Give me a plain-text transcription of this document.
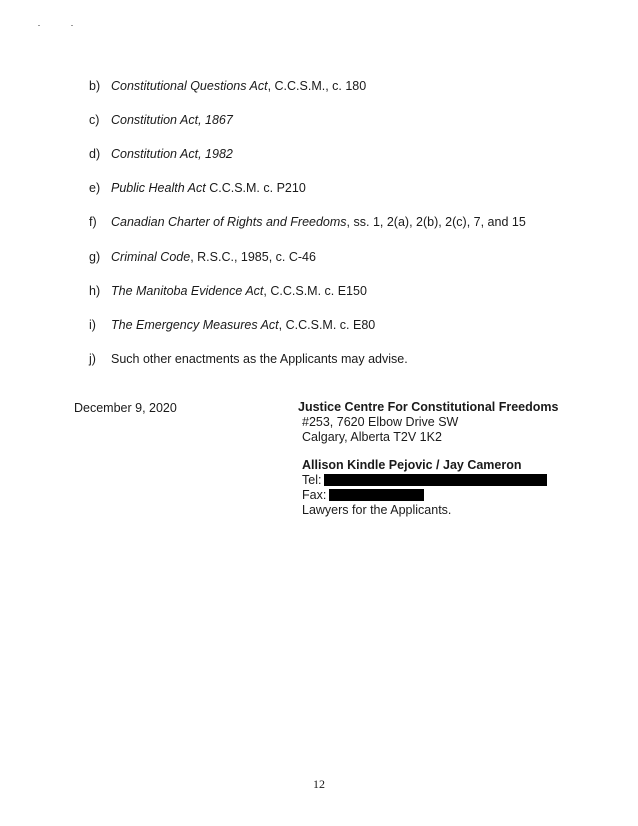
b) Constitutional Questions Act, C.C.S.M., c. 180
c) Constitution Act, 1867
d) Constitution Act, 1982
e) Public Health Act C.C.S.M. c. P210
f) Canadian Charter of Rights and Freedoms, ss. 1, 2(a), 2(b), 2(c), 7, and 15
g) Criminal Code, R.S.C., 1985, c. C-46
h) The Manitoba Evidence Act, C.C.S.M. c. E150
i) The Emergency Measures Act, C.C.S.M. c. E80
j) Such other enactments as the Applicants may advise.
December 9, 2020	Justice Centre For Constitutional Freedoms
#253, 7620 Elbow Drive SW
Calgary, Alberta T2V 1K2
Allison Kindle Pejovic / Jay Cameron
Tel:
Fax:
Lawyers for the Applicants.
12
